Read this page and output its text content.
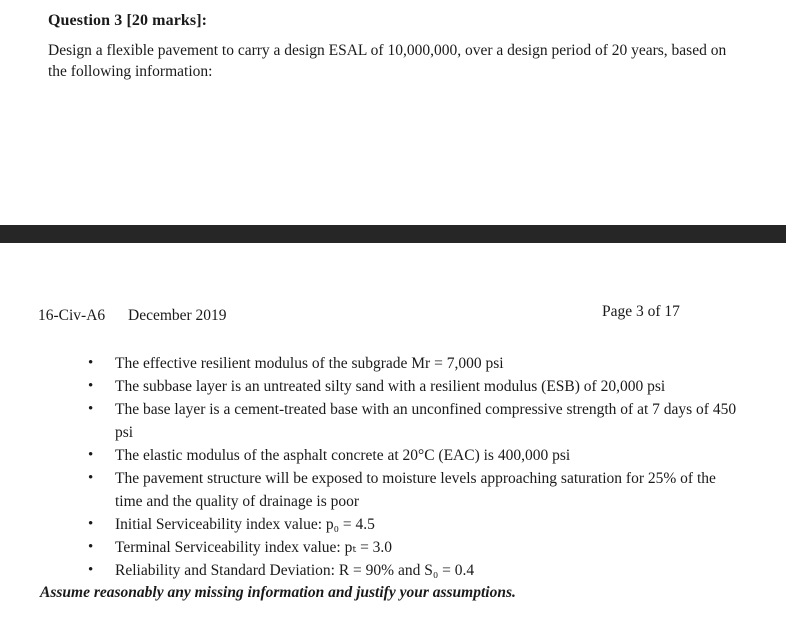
Question 3 [20 marks]:
Design a flexible pavement to carry a design ESAL of 10,000,000, over a design period of 20 years, based on the following information:
16-Civ-A6 December 2019	Page 3 of 17
• The effective resilient modulus of the subgrade Mr = 7,000 psi
• The subbase layer is an untreated silty sand with a resilient modulus (ESB) of 20,000 psi
• The base layer is a cement-treated base with an unconfined compressive strength of at 7 days of 450 psi
• The elastic modulus of the asphalt concrete at 20°C (EAC) is 400,000 psi
• The pavement structure will be exposed to moisture levels approaching saturation for 25% of the time and the quality of drainage is poor
• Initial Serviceability index value: p₀ = 4.5
• Terminal Serviceability index value: pₜ = 3.0
• Reliability and Standard Deviation: R = 90% and S₀ = 0.4
Assume reasonably any missing information and justify your assumptions.
